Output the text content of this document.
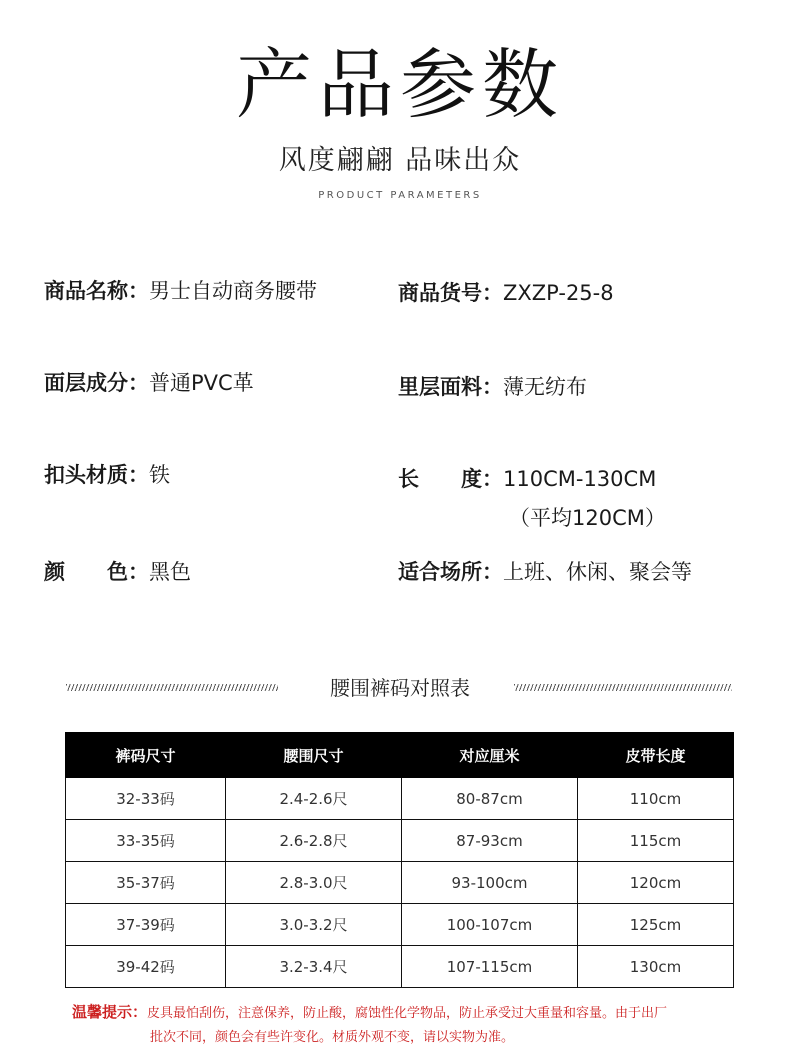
产品参数
风度翩翩 品味出众
PRODUCT PARAMETERS
商品名称：男士自动商务腰带
面层成分：普通PVC革
扣头材质：铁
颜　　色：黑色
商品货号：ZXZP-25-8
里层面料：薄无纺布
长　　度：110CM-130CM
（平均120CM）
适合场所：上班、休闲、聚会等
腰围裤码对照表
裤码尺寸	腰围尺寸	对应厘米	皮带长度
32-33码	2.4-2.6尺	80-87cm	110cm
33-35码	2.6-2.8尺	87-93cm	115cm
35-37码	2.8-3.0尺	93-100cm	120cm
37-39码	3.0-3.2尺	100-107cm	125cm
39-42码	3.2-3.4尺	107-115cm	130cm
温馨提示：皮具最怕刮伤，注意保养，防止酸，腐蚀性化学物品，防止承受过大重量和容量。由于出厂
批次不同，颜色会有些许变化。材质外观不变，请以实物为准。
